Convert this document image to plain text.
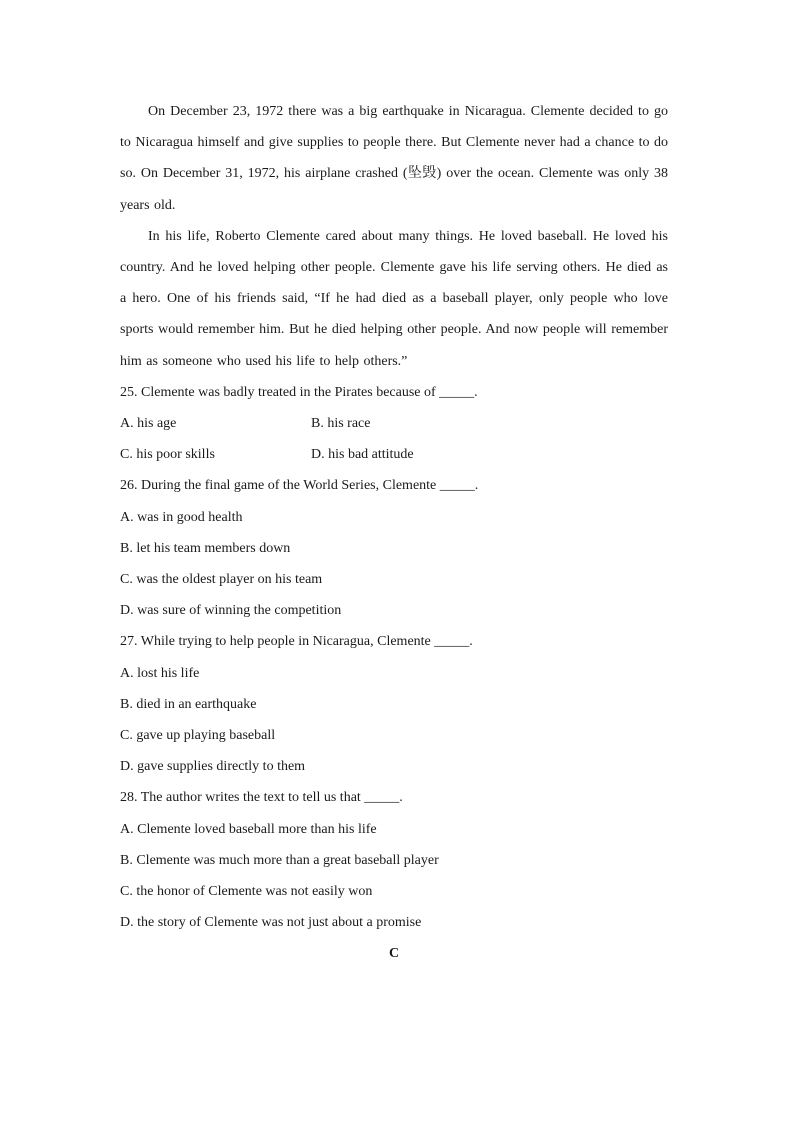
On December 23, 1972 there was a big earthquake in Nicaragua. Clemente decided to go to Nicaragua himself and give supplies to people there. But Clemente never had a chance to do so. On December 31, 1972, his airplane crashed (坠毁) over the ocean. Clemente was only 38 years old.

In his life, Roberto Clemente cared about many things. He loved baseball. He loved his country. And he loved helping other people. Clemente gave his life serving others. He died as a hero. One of his friends said, “If he had died as a baseball player, only people who love sports would remember him. But he died helping other people. And now people will remember him as someone who used his life to help others.”

25. Clemente was badly treated in the Pirates because of _____.

A. his age	B. his race
C. his poor skills	D. his bad attitude

26. During the final game of the World Series, Clemente _____.

A. was in good health

B. let his team members down

C. was the oldest player on his team

D. was sure of winning the competition

27. While trying to help people in Nicaragua, Clemente _____.

A. lost his life

B. died in an earthquake

C. gave up playing baseball

D. gave supplies directly to them

28. The author writes the text to tell us that _____.

A. Clemente loved baseball more than his life

B. Clemente was much more than a great baseball player

C. the honor of Clemente was not easily won

D. the story of Clemente was not just about a promise

C
